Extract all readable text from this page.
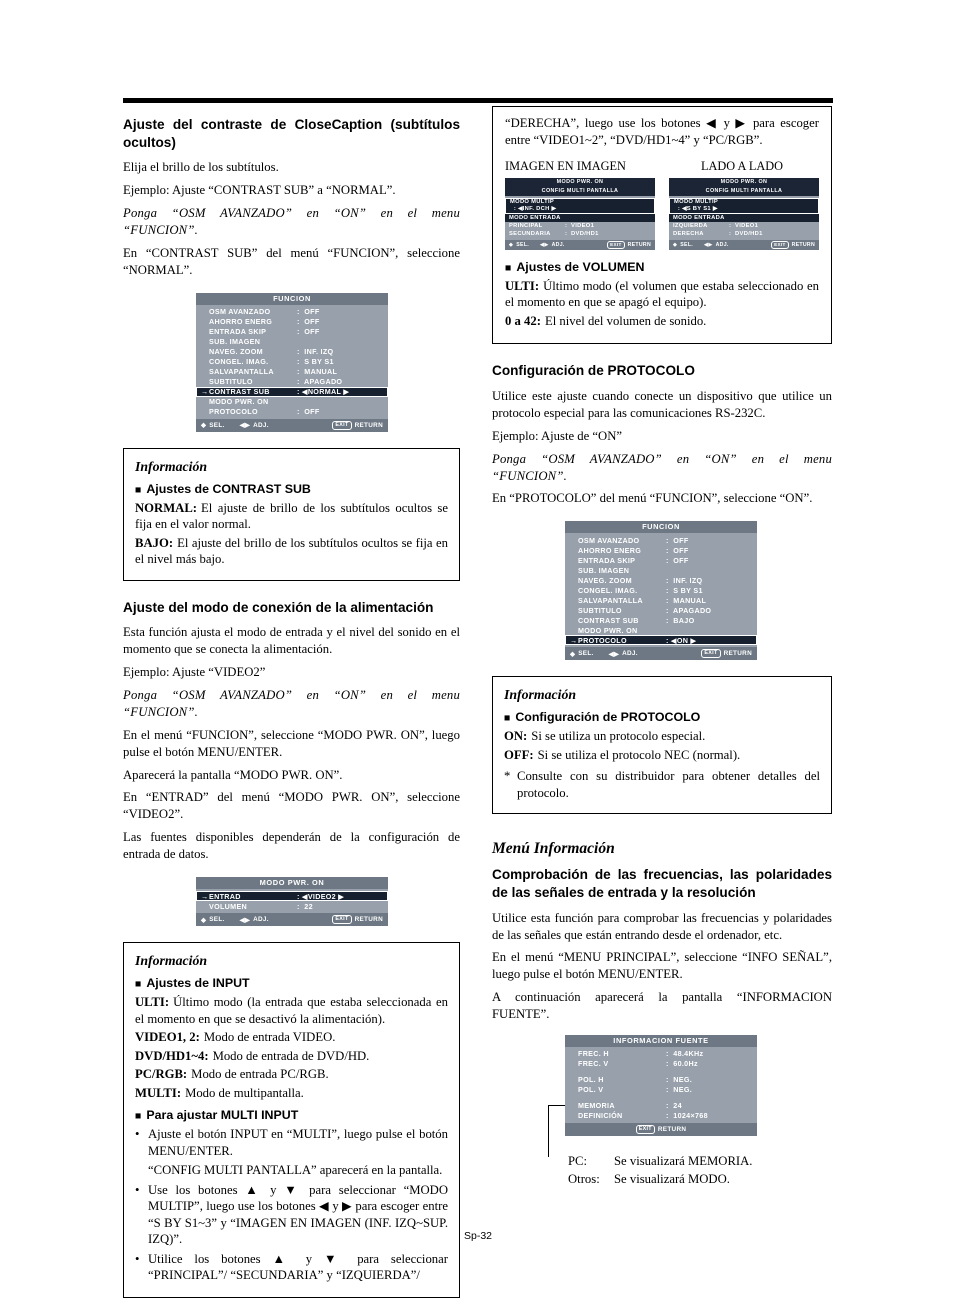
Ajuste del contraste de CloseCaption (subtítulos ocultos)

Elija el brillo de los subtítulos.

Ejemplo: Ajuste “CONTRAST SUB” a “NORMAL”.

Ponga “OSM AVANZADO” en “ON” en el menu “FUNCION”.

En “CONTRAST SUB” del menú “FUNCION”, seleccione “NORMAL”.

FUNCION
OSM AVANZADO	:  OFF
AHORRO ENERG	:  OFF
ENTRADA SKIP	:  OFF
SUB. IMAGEN
NAVEG. ZOOM	:  INF. IZQ
CONGEL. IMAG.	:  S BY S1
SALVAPANTALLA	:  MANUAL
SUBTITULO	:  APAGADO
→ CONTRAST SUB	: ◀NORMAL ▶
MODO PWR. ON
PROTOCOLO	:  OFF
◆ SEL. ◀▶ ADJ.	EXIT RETURN

Información

■ Ajustes de CONTRAST SUB

NORMAL: El ajuste de brillo de los subtítulos ocultos se fija en el valor normal.

BAJO: El ajuste del brillo de los subtítulos ocultos se fija en el nivel más bajo.

Ajuste del modo de conexión de la alimentación

Esta función ajusta el modo de entrada y el nivel del sonido en el momento que se conecta la alimentación.

Ejemplo: Ajuste “VIDEO2”

Ponga “OSM AVANZADO” en “ON” en el menu “FUNCION”.

En el menú “FUNCION”, seleccione “MODO PWR. ON”, luego pulse el botón MENU/ENTER.

Aparecerá la pantalla “MODO PWR. ON”.

En “ENTRAD” del menú “MODO PWR. ON”, seleccione “VIDEO2”.

Las fuentes disponibles dependerán de la configuración de entrada de datos.

MODO PWR. ON
→ ENTRAD	: ◀VIDEO2 ▶
VOLUMEN	:  22
◆ SEL. ◀▶ ADJ.	EXIT RETURN

Información

■ Ajustes de INPUT

ULTI: Último modo (la entrada que estaba seleccionada en el momento en que se desactivó la alimentación).

VIDEO1, 2: Modo de entrada VIDEO.

DVD/HD1~4: Modo de entrada de DVD/HD.

PC/RGB: Modo de entrada PC/RGB.

MULTI: Modo de multipantalla.

■ Para ajustar MULTI INPUT

• Ajuste el botón INPUT en “MULTI”, luego pulse el botón MENU/ENTER.
“CONFIG MULTI PANTALLA” aparecerá en la pantalla.
• Use los botones ▲ y ▼ para seleccionar “MODO MULTIP”, luego use los botones ◀ y ▶ para escoger entre “S BY S1~3” y “IMAGEN EN IMAGEN (INF. IZQ~SUP. IZQ)”.
• Utilice los botones ▲ y ▼ para seleccionar “PRINCIPAL”/ “SECUNDARIA” y “IZQUIERDA”/

“DERECHA”, luego use los botones ◀ y ▶ para escoger entre “VIDEO1~2”, “DVD/HD1~4” y “PC/RGB”.

IMAGEN EN IMAGEN	LADO A LADO
MODO PWR. ON
CONFIG MULTI PANTALLA
MODO MULTIP
: ◀INF. DCH ▶
MODO ENTRADA
PRINCIPAL	:  VIDEO1
SECUNDARIA	:  DVD/HD1
◆ SEL. ◀▶ ADJ.	EXIT	RETURN
MODO PWR. ON
CONFIG MULTI PANTALLA
MODO MULTIP
: ◀S BY S1 ▶
MODO ENTRADA
IZQUIERDA	:  VIDEO1
DERECHA	:  DVD/HD1
◆ SEL. ◀▶ ADJ.	EXIT	RETURN

■ Ajustes de VOLUMEN

ULTI: Último modo (el volumen que estaba seleccionado en el momento en que se apagó el equipo).

0 a 42: El nivel del volumen de sonido.

Configuración de PROTOCOLO

Utilice este ajuste cuando conecte un dispositivo que utilice un protocolo especial para las comunicaciones RS-232C.

Ejemplo: Ajuste de “ON”

Ponga “OSM AVANZADO” en “ON” en el menu “FUNCION”.

En “PROTOCOLO” del menú “FUNCION”, seleccione “ON”.

FUNCION
OSM AVANZADO	:  OFF
AHORRO ENERG	:  OFF
ENTRADA SKIP	:  OFF
SUB. IMAGEN
NAVEG. ZOOM	:  INF. IZQ
CONGEL. IMAG.	:  S BY S1
SALVAPANTALLA	:  MANUAL
SUBTITULO	:  APAGADO
CONTRAST SUB	:  BAJO
MODO PWR. ON
→ PROTOCOLO	: ◀ON ▶
◆ SEL. ◀▶ ADJ.	EXIT RETURN

Información

■ Configuración de PROTOCOLO

ON: Si se utiliza un protocolo especial.

OFF: Si se utiliza el protocolo NEC (normal).

* Consulte con su distribuidor para obtener detalles del protocolo.

Menú Información

Comprobación de las frecuencias, las polaridades de las señales de entrada y la resolución

Utilice esta función para comprobar las frecuencias y polaridades de las señales que están entrando desde el ordenador, etc.

En el menú “MENU PRINCIPAL”, seleccione “INFO SEÑAL”, luego pulse el botón MENU/ENTER.

A continuación aparecerá la pantalla “INFORMACION FUENTE”.

INFORMACION FUENTE
FREC. H	:  48.4KHz
FREC. V	:  60.0Hz
POL. H	:  NEG.
POL. V	:  NEG.
MEMORIA	:  24
DEFINICIÓN	:  1024×768
EXIT RETURN
PC:	Se visualizará MEMORIA.
Otros:	Se visualizará MODO.
Sp-32
